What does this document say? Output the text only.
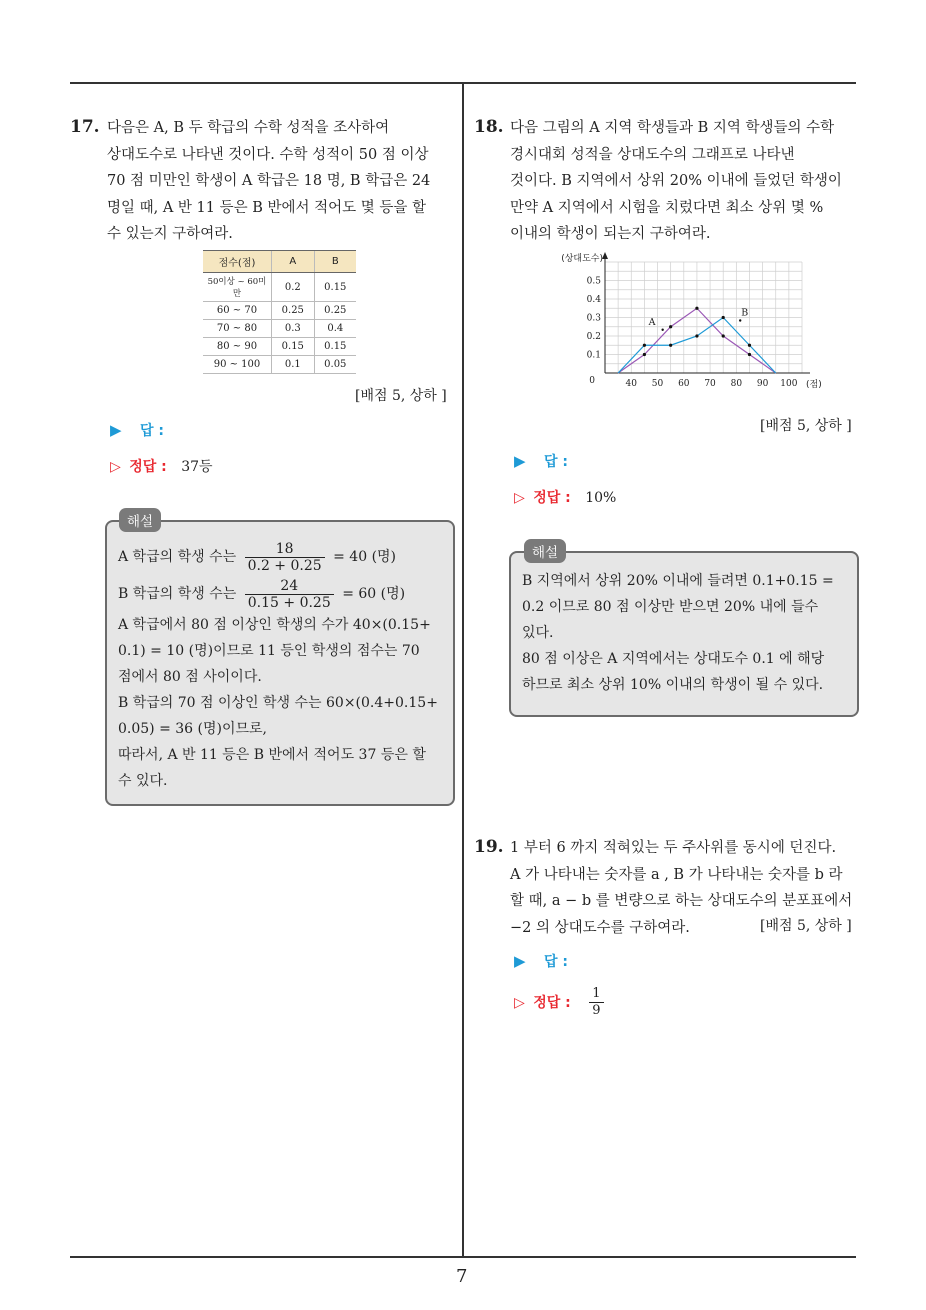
7
17. 다음은 A, B 두 학급의 수학 성적을 조사하여
상대도수로 나타낸 것이다. 수학 성적이 50 점 이상
70 점 미만인 학생이 A 학급은 18 명, B 학급은 24
명일 때, A 반 11 등은 B 반에서 적어도 몇 등을 할
수 있는지 구하여라.
점수(점)	A	B
50이상 ~ 60미만	0.2	0.15
60 ~ 70	0.25	0.25
70 ~ 80	0.3	0.4
80 ~ 90	0.15	0.15
90 ~ 100	0.1	0.05
[배점 5, 상하 ]
▶ 답 :
▷ 정답 : 37등
해설
A 학급의 학생 수는 $\frac{18}{0.2 + 0.25} = 40$ (명)
B 학급의 학생 수는 $\frac{24}{0.15 + 0.25} = 60$ (명)
A 학급에서 80 점 이상인 학생의 수가 40×(0.15+
0.1) = 10 (명)이므로 11 등인 학생의 점수는 70
점에서 80 점 사이이다.
B 학급의 70 점 이상인 학생 수는 60×(0.4+0.15+
0.05) = 36 (명)이므로,
따라서, A 반 11 등은 B 반에서 적어도 37 등은 할
수 있다.
18. 다음 그림의 A 지역 학생들과 B 지역 학생들의 수학
경시대회 성적을 상대도수의 그래프로 나타낸
것이다. B 지역에서 상위 20% 이내에 들었던 학생이
만약 A 지역에서 시험을 치렀다면 최소 상위 몇 %
이내의 학생이 되는지 구하여라.
0.1
0.2
0.3
0.4
0.5
40 50 60 70 80 90 100
0
(상대도수)
(점)
A
B
[배점 5, 상하 ]
▶ 답 :
▷ 정답 : 10%
해설
B 지역에서 상위 20% 이내에 들려면 0.1+0.15 =
0.2 이므로 80 점 이상만 받으면 20% 내에 들수
있다.
80 점 이상은 A 지역에서는 상대도수 0.1 에 해당
하므로 최소 상위 10% 이내의 학생이 될 수 있다.
19. 1 부터 6 까지 적혀있는 두 주사위를 동시에 던진다.
A 가 나타내는 숫자를 a , B 가 나타내는 숫자를 b 라
할 때, a − b 를 변량으로 하는 상대도수의 분포표에서
−2 의 상대도수를 구하여라.	[배점 5, 상하 ]
▶ 답 :
▷ 정답 : $\frac{1}{9}$
